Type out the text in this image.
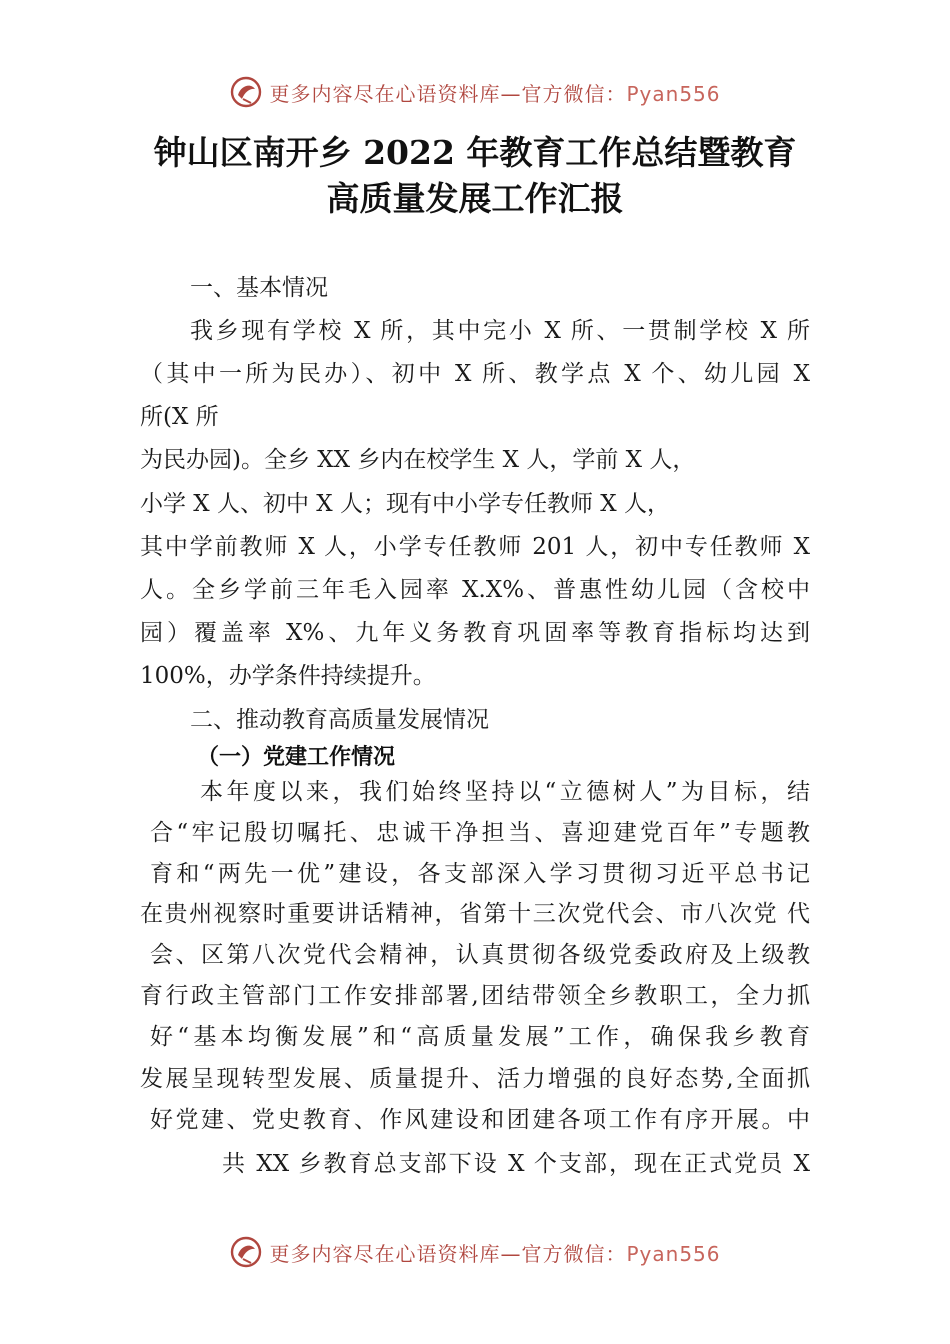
更多内容尽在心语资料库—官方微信：Pyan556
钟山区南开乡 2022 年教育工作总结暨教育
高质量发展工作汇报
一、基本情况
我乡现有学校 X 所，其中完小 X 所、一贯制学校 X 所
（其中一所为民办）、初中 X 所、教学点 X 个、幼儿园 X
所(X 所
为民办园)。全乡 XX 乡内在校学生 X 人，学前 X 人，
小学 X 人、初中 X 人；现有中小学专任教师 X 人，
其中学前教师 X 人，小学专任教师 201 人，初中专任教师 X
人。全乡学前三年毛入园率 X.X%、普惠性幼儿园（含校中
园）覆盖率 X%、九年义务教育巩固率等教育指标均达到
100%，办学条件持续提升。
二、推动教育高质量发展情况
（一）党建工作情况
本年度以来，我们始终坚持以“立德树人”为目标，结
合“牢记殷切嘱托、忠诚干净担当、喜迎建党百年”专题教
育和“两先一优”建设，各支部深入学习贯彻习近平总书记
在贵州视察时重要讲话精神，省第十三次党代会、市八次党 代
会、区第八次党代会精神，认真贯彻各级党委政府及上级教
育行政主管部门工作安排部署,团结带领全乡教职工，全力抓
好“基本均衡发展”和“高质量发展”工作，确保我乡教育
发展呈现转型发展、质量提升、活力增强的良好态势,全面抓
好党建、党史教育、作风建设和团建各项工作有序开展。中
共 XX 乡教育总支部下设 X 个支部，现在正式党员 X
更多内容尽在心语资料库—官方微信：Pyan556
